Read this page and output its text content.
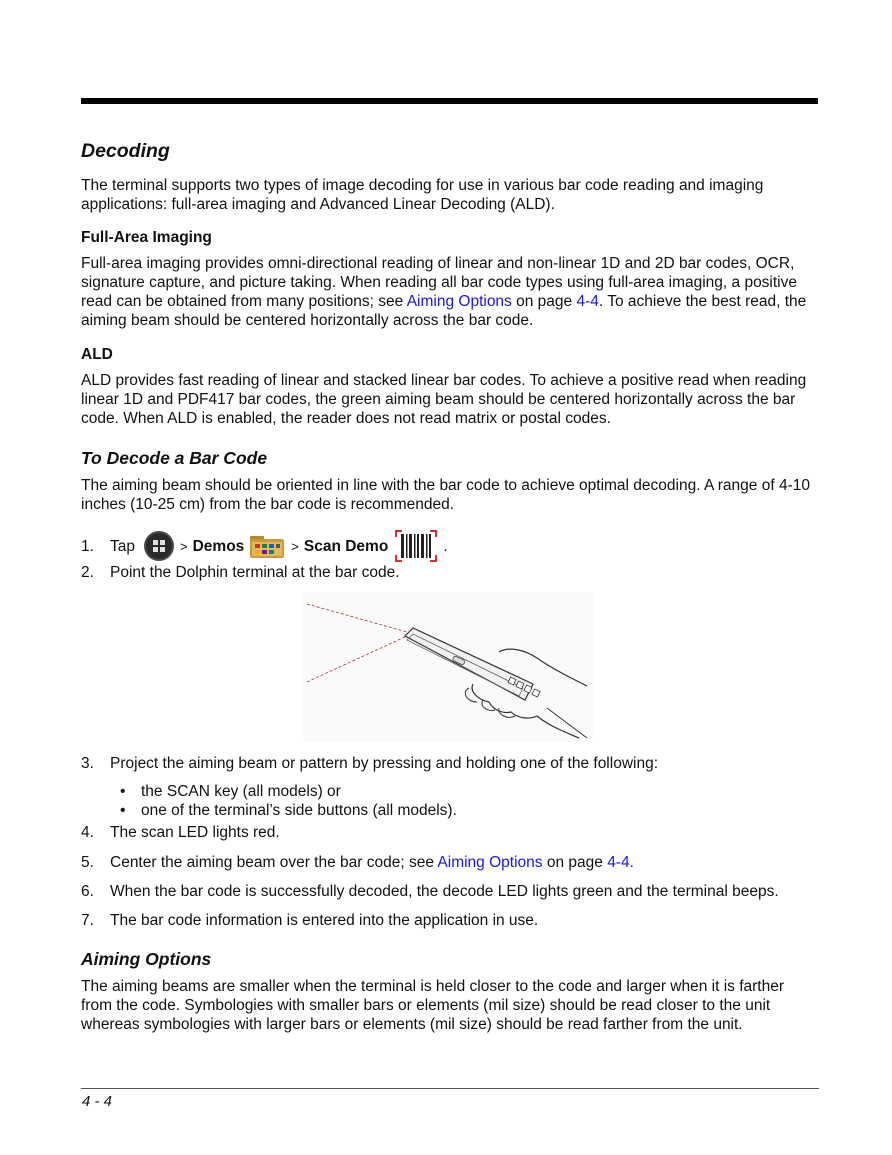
Decoding

The terminal supports two types of image decoding for use in various bar code reading and imaging applications: full-area imaging and Advanced Linear Decoding (ALD).

Full-Area Imaging

Full-area imaging provides omni-directional reading of linear and non-linear 1D and 2D bar codes, OCR, signature capture, and picture taking. When reading all bar code types using full-area imaging, a positive read can be obtained from many positions; see Aiming Options on page 4-4. To achieve the best read, the aiming beam should be centered horizontally across the bar code.

ALD

ALD provides fast reading of linear and stacked linear bar codes. To achieve a positive read when reading linear 1D and PDF417 bar codes, the green aiming beam should be centered horizontally across the bar code. When ALD is enabled, the reader does not read matrix or postal codes.

To Decode a Bar Code

The aiming beam should be oriented in line with the bar code to achieve optimal decoding. A range of 4-10 inches (10-25 cm) from the bar code is recommended.

1.	Tap	> Demos	> Scan Demo	.
2.	Point the Dolphin terminal at the bar code.
3.	Project the aiming beam or pattern by pressing and holding one of the following:
•	the SCAN key (all models) or
•	one of the terminal’s side buttons (all models).
4.	The scan LED lights red.
5.	Center the aiming beam over the bar code; see Aiming Options on page 4-4.
6.	When the bar code is successfully decoded, the decode LED lights green and the terminal beeps.
7.	The bar code information is entered into the application in use.
Aiming Options

The aiming beams are smaller when the terminal is held closer to the code and larger when it is farther from the code. Symbologies with smaller bars or elements (mil size) should be read closer to the unit whereas symbologies with larger bars or elements (mil size) should be read farther from the unit.

4 - 4
